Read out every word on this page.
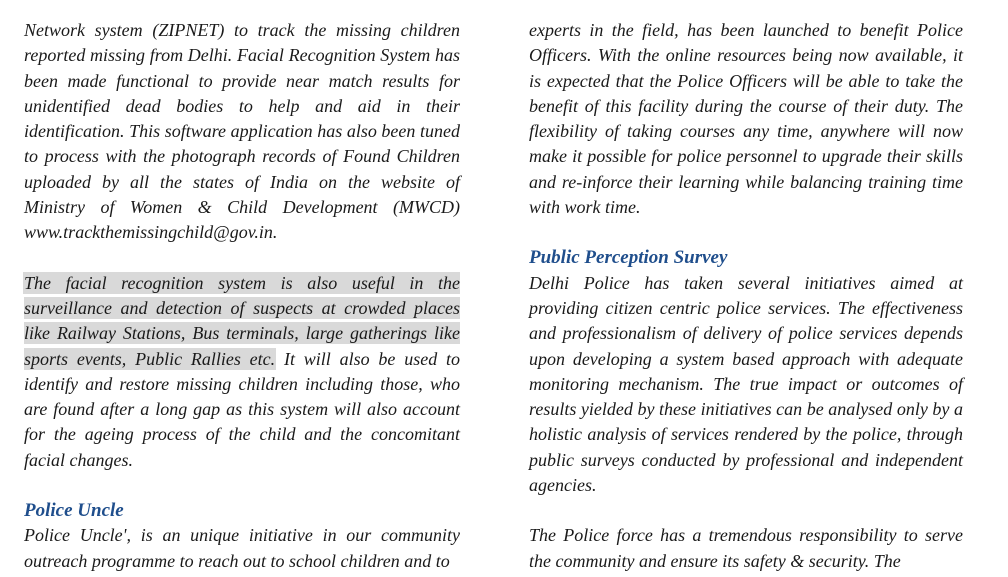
Network system (ZIPNET) to track the missing children reported missing from Delhi. Facial Recognition System has been made functional to provide near match results for unidentified dead bodies to help and aid in their identification. This software application has also been tuned to process with the photograph records of Found Children uploaded by all the states of India on the website of Ministry of Women & Child Development (MWCD) www.trackthemissingchild@gov.in.

The facial recognition system is also useful in the surveillance and detection of suspects at crowded places like Railway Stations, Bus terminals, large gatherings like sports events, Public Rallies etc. It will also be used to identify and restore missing children including those, who are found after a long gap as this system will also account for the ageing process of the child and the concomitant facial changes.

Police Uncle

Police Uncle', is an unique initiative in our community outreach programme to reach out to school children and to

experts in the field, has been launched to benefit Police Officers. With the online resources being now available, it is expected that the Police Officers will be able to take the benefit of this facility during the course of their duty. The flexibility of taking courses any time, anywhere will now make it possible for police personnel to upgrade their skills and re-inforce their learning while balancing training time with work time.

Public Perception Survey

Delhi Police has taken several initiatives aimed at providing citizen centric police services. The effectiveness and professionalism of delivery of police services depends upon developing a system based approach with adequate monitoring mechanism. The true impact or outcomes of results yielded by these initiatives can be analysed only by a holistic analysis of services rendered by the police, through public surveys conducted by professional and independent agencies.

The Police force has a tremendous responsibility to serve the community and ensure its safety & security. The
